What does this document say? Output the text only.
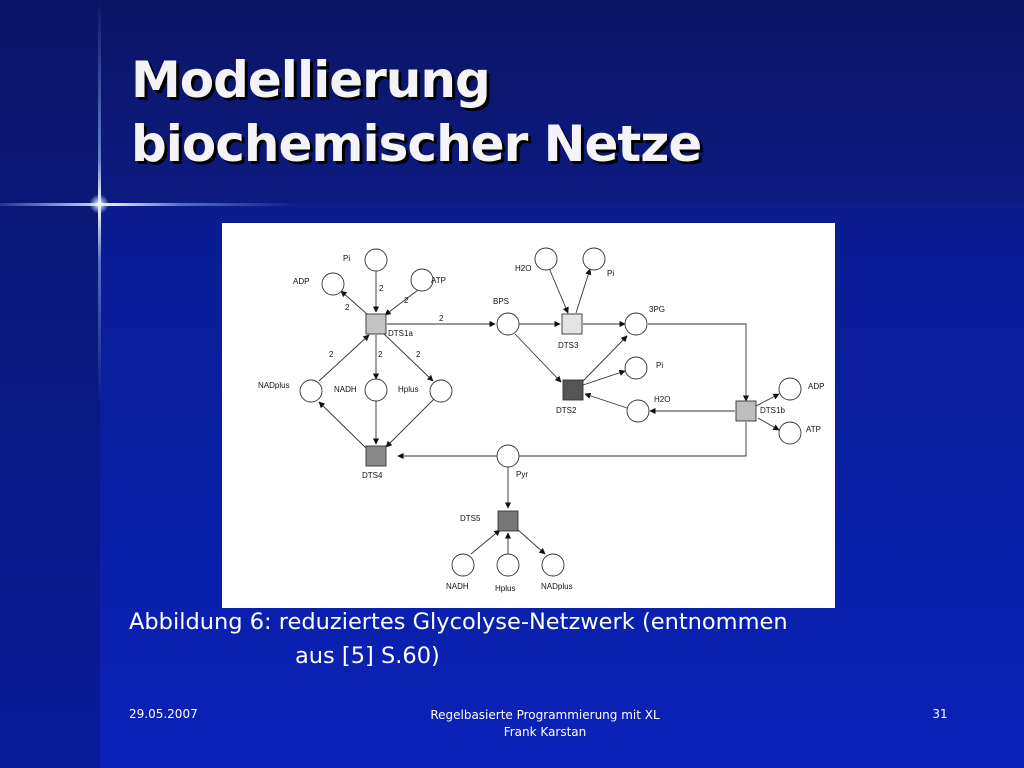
Modellierung
biochemischer Netze
Pi
ADP	ATP
BPS
H2O
Pi
3PG
Pi
H2O
ADP
ATP
NADplus	NADH	Hplus
Pyr
NADH	Hplus	NADplus
DTS1a
DTS3
DTS2	DTS1b
DTS4
DTS5
2
2
2
2
2	2	2
Abbildung 6: reduziertes Glycolyse-Netzwerk (entnommen
aus [5] S.60)
29.05.2007	Regelbasierte Programmierung mit XL
Frank Karstan
31
